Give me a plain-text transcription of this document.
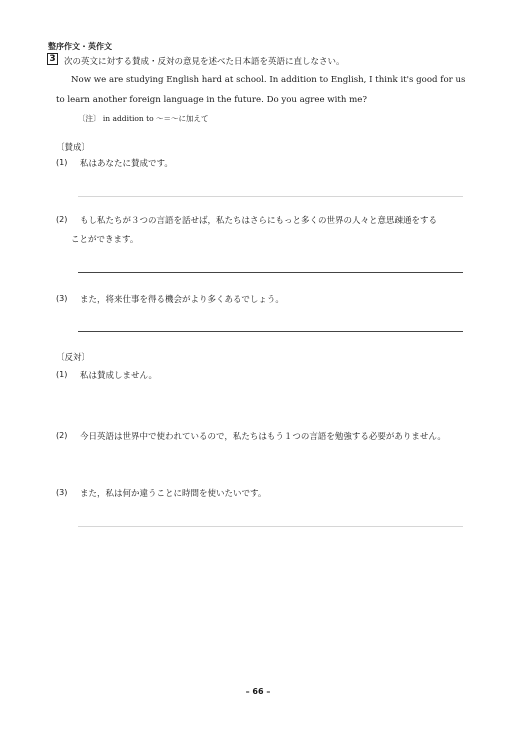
整序作文・英作文
3 次の英文に対する賛成・反対の意見を述べた日本語を英語に直しなさい。
Now we are studying English hard at school. In addition to English, I think it's good for us
to learn another foreign language in the future. Do you agree with me?
〔注〕 in addition to ～＝～に加えて
〔賛成〕
(1) 私はあなたに賛成です。
(2) もし私たちが３つの言語を話せば，私たちはさらにもっと多くの世界の人々と意思疎通をする
ことができます。
(3) また，将来仕事を得る機会がより多くあるでしょう。
〔反対〕
(1) 私は賛成しません。
(2) 今日英語は世界中で使われているので，私たちはもう１つの言語を勉強する必要がありません。
(3) また，私は何か違うことに時間を使いたいです。
– 66 –
